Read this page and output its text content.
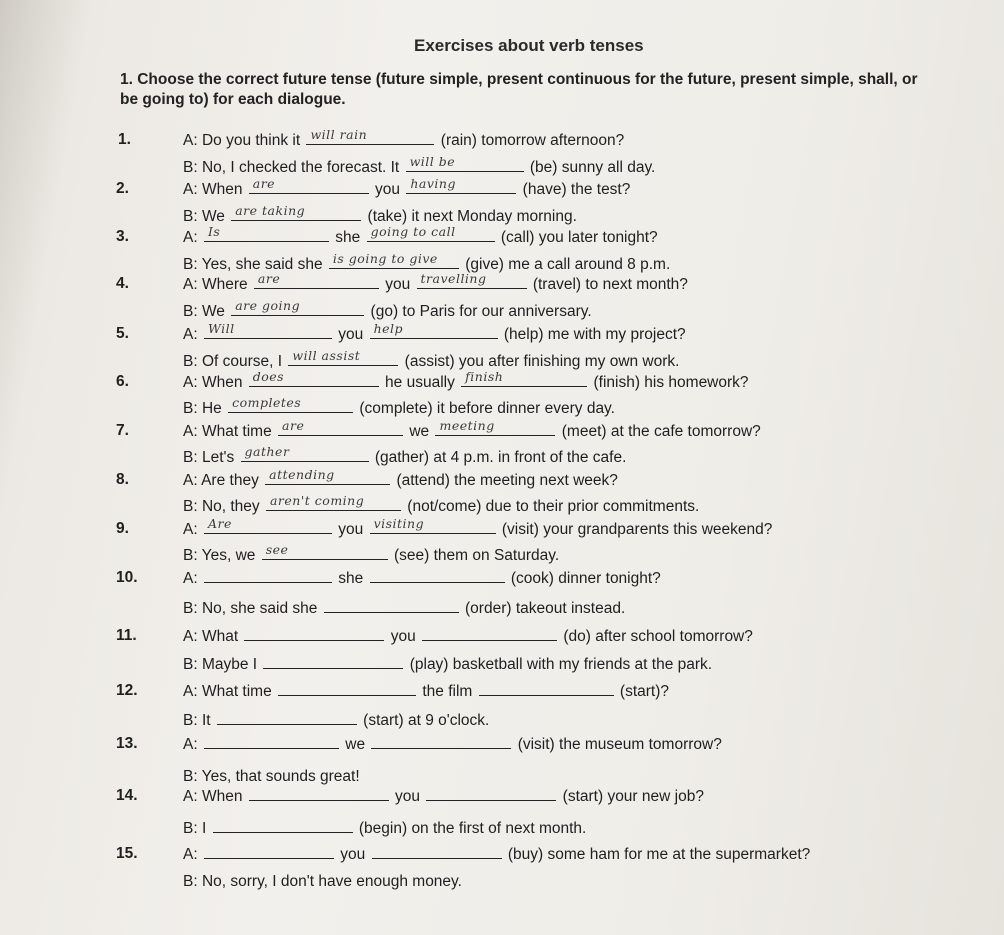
Exercises about verb tenses
1. Choose the correct future tense (future simple, present continuous for the future, present simple, shall, or be going to) for each dialogue.
1.	A: Do you think it will rain	(rain) tomorrow afternoon?
B: No, I checked the forecast. It will be	(be) sunny all day.
2.	A: When are	you having	(have) the test?
B: We are taking	(take) it next Monday morning.
3.	A: Is	she going to call	(call) you later tonight?
B: Yes, she said she is going to give (give) me a call around 8 p.m.
4.	A: Where are	you travelling	(travel) to next month?
B: We are going	(go) to Paris for our anniversary.
5.	A: Will	you help	(help) me with my project?
B: Of course, I will assist	(assist) you after finishing my own work.
6.	A: When does	he usually finish	(finish) his homework?
B: He completes	(complete) it before dinner every day.
7.	A: What time are	we meeting	(meet) at the cafe tomorrow?
B: Let's gather	(gather) at 4 p.m. in front of the cafe.
8.	A: Are they attending	(attend) the meeting next week?
B: No, they aren't coming	(not/come) due to their prior commitments.
9.	A: Are	you visiting	(visit) your grandparents this weekend?
B: Yes, we see	(see) them on Saturday.
10.	A:	she	(cook) dinner tonight?
B: No, she said she	(order) takeout instead.
11.	A: What	you	(do) after school tomorrow?
B: Maybe I	(play) basketball with my friends at the park.
12.	A: What time	the film	(start)?
B: It	(start) at 9 o'clock.
13.	A:	we	(visit) the museum tomorrow?
B: Yes, that sounds great!
14.	A: When	you	(start) your new job?
B: I	(begin) on the first of next month.
15.	A:	you	(buy) some ham for me at the supermarket?
B: No, sorry, I don't have enough money.
